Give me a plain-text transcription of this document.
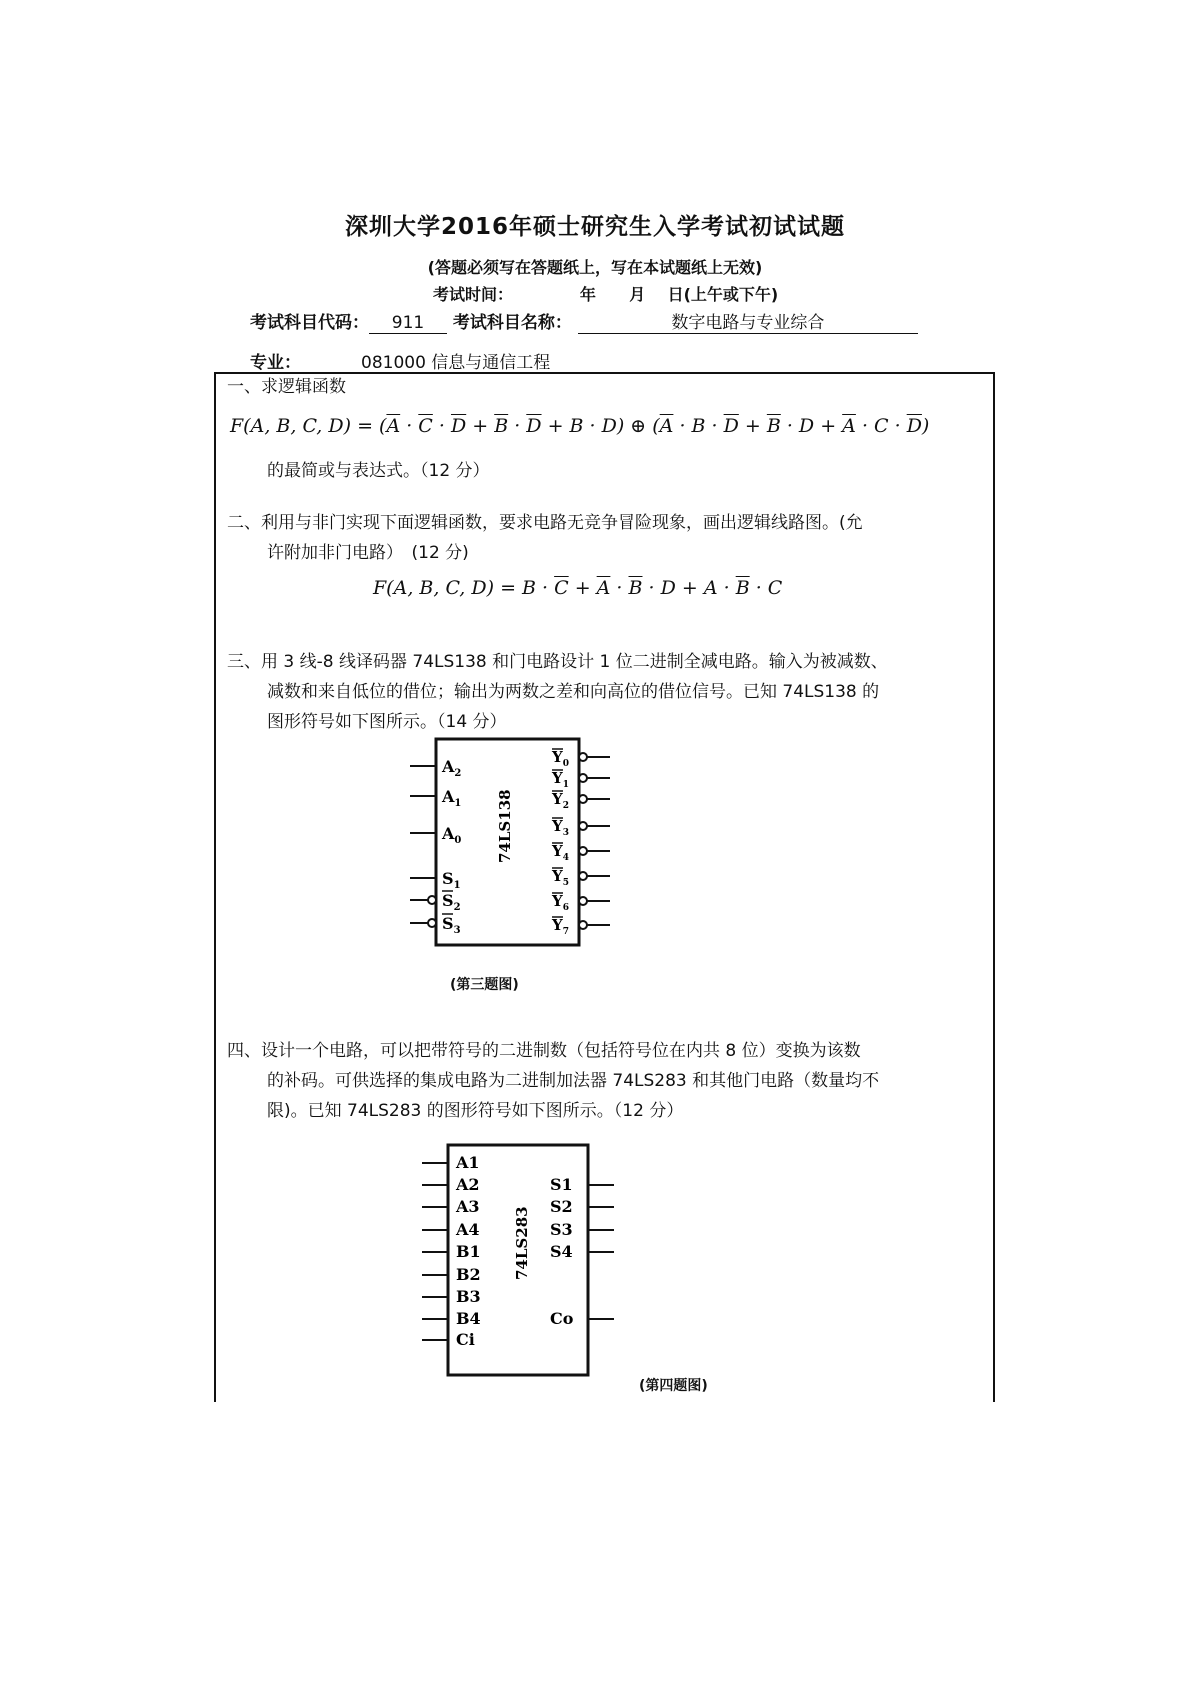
深圳大学2016年硕士研究生入学考试初试试题
(答题必须写在答题纸上，写在本试题纸上无效)
考试时间：	年 月 日(上午或下午)
考试科目代码： 911 考试科目名称：	数字电路与专业综合
专业：	081000 信息与通信工程
一、求逻辑函数
F(A, B, C, $D) = (\overline{A} \cdot \overline{C} \cdot \overline{D} + \overline{B} \cdot \overline{D} + B \cdot D)$ ⊕ $(\overline{A} \cdot B \cdot \overline{D} + \overline{B} \cdot D + \overline{A} \cdot C \cdot \overline{D})$
的最简或与表达式。（12 分）
二、利用与非门实现下面逻辑函数，要求电路无竞争冒险现象，画出逻辑线路图。(允
许附加非门电路）　(12 分)
F(A, B, C, $D) = B \cdot \overline{C} + \overline{A} \cdot \overline{B} \cdot D + A \cdot \overline{B} \cdot C$
三、用 3 线-8 线译码器 74LS138 和门电路设计 1 位二进制全减电路。输入为被减数、
减数和来自低位的借位；输出为两数之差和向高位的借位信号。已知 74LS138 的
图形符号如下图所示。（14 分）
$A_2$
$A_1$
$A_0$
$S_1$
$S_2$
$S_3$
74LS138
$Y_0$
$Y_1$
$Y_2$
$Y_3$
$Y_4$
$Y_5$
$Y_6$
$Y_7$
(第三题图)
四、设计一个电路，可以把带符号的二进制数（包括符号位在内共 8 位）变换为该数
的补码。可供选择的集成电路为二进制加法器 74LS283 和其他门电路（数量均不
限)。已知 74LS283 的图形符号如下图所示。（12 分）
A1
A2
A3
A4
B1
B2
B3
B4
Ci
S1
S2
S3
S4
Co
74LS283
(第四题图)
